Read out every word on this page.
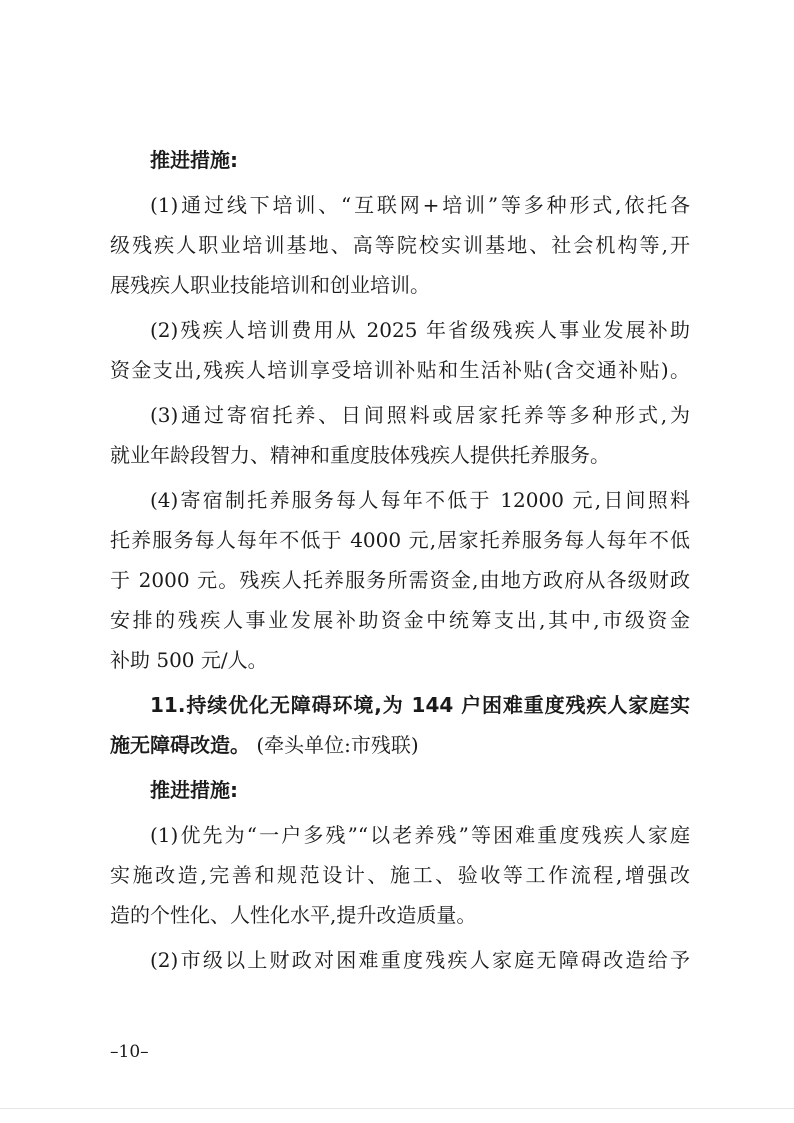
推进措施:
(1)通过线下培训、“互联网+培训”等多种形式,依托各
级残疾人职业培训基地、高等院校实训基地、社会机构等,开
展残疾人职业技能培训和创业培训。
(2)残疾人培训费用从 2025 年省级残疾人事业发展补助
资金支出,残疾人培训享受培训补贴和生活补贴(含交通补贴)。
(3)通过寄宿托养、日间照料或居家托养等多种形式,为
就业年龄段智力、精神和重度肢体残疾人提供托养服务。
(4)寄宿制托养服务每人每年不低于 12000 元,日间照料
托养服务每人每年不低于 4000 元,居家托养服务每人每年不低
于 2000 元。残疾人托养服务所需资金,由地方政府从各级财政
安排的残疾人事业发展补助资金中统筹支出,其中,市级资金
补助 500 元/人。
11.持续优化无障碍环境,为 144 户困难重度残疾人家庭实
施无障碍改造。 (牵头单位:市残联)
推进措施:
(1)优先为“一户多残”“以老养残”等困难重度残疾人家庭
实施改造,完善和规范设计、施工、验收等工作流程,增强改
造的个性化、人性化水平,提升改造质量。
(2)市级以上财政对困难重度残疾人家庭无障碍改造给予
–10–
